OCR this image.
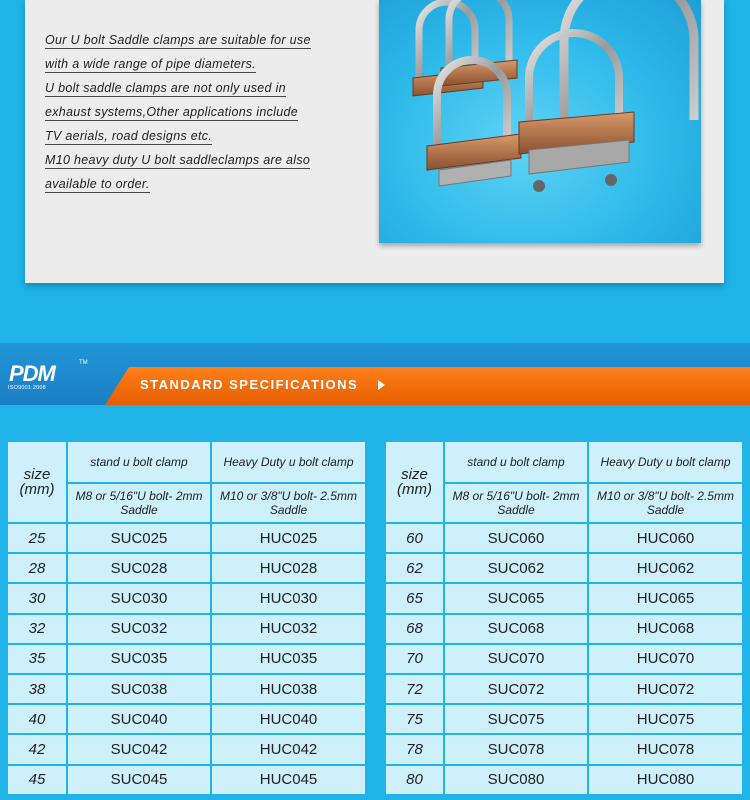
Our U bolt Saddle clamps are suitable for use
with a wide range of pipe diameters.
U bolt saddle clamps are not only used in
exhaust systems,Other applications include
TV aerials, road designs etc.
M10 heavy duty U bolt saddleclamps are also
available to order.
PDM	TM
ISO9001:2008	STANDARD SPECIFICATIONS
size
(mm)	stand u bolt clamp	Heavy Duty u bolt clamp
	M8 or 5/16"U bolt- 2mm Saddle	M10 or 3/8"U bolt- 2.5mm Saddle
25	SUC025	HUC025
28	SUC028	HUC028
30	SUC030	HUC030
32	SUC032	HUC032
35	SUC035	HUC035
38	SUC038	HUC038
40	SUC040	HUC040
42	SUC042	HUC042
45	SUC045	HUC045
size
(mm)	stand u bolt clamp	Heavy Duty u bolt clamp
	M8 or 5/16"U bolt- 2mm Saddle	M10 or 3/8"U bolt- 2.5mm Saddle
60	SUC060	HUC060
62	SUC062	HUC062
65	SUC065	HUC065
68	SUC068	HUC068
70	SUC070	HUC070
72	SUC072	HUC072
75	SUC075	HUC075
78	SUC078	HUC078
80	SUC080	HUC080
